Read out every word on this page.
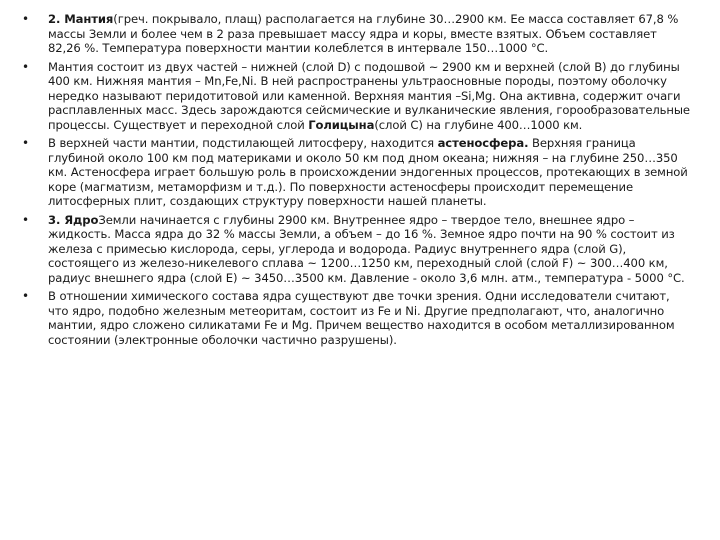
• 2. Мантия(греч. покрывало, плащ) располагается на глубине 30…2900 км. Ее масса составляет 67,8 % массы Земли и более чем в 2 раза превышает массу ядра и коры, вместе взятых. Объем составляет 82,26 %. Температура поверхности мантии колеблется в интервале 150…1000 °С.
• Мантия состоит из двух частей – нижней (слой D) с подошвой ~ 2900 км и верхней (слой В) до глубины 400 км. Нижняя мантия – Mn,Fe,Ni. В ней распространены ультраосновные породы, поэтому оболочку нередко называют перидотитовой или каменной. Верхняя мантия –Si,Mg. Она активна, содержит очаги расплавленных масс. Здесь зарождаются сейсмические и вулканические явления, горообразовательные процессы. Существует и переходной слой Голицына(слой С) на глубине 400…1000 км.
• В верхней части мантии, подстилающей литосферу, находится астеносфера. Верхняя граница глубиной около 100 км под материками и около 50 км под дном океана; нижняя – на глубине 250…350 км. Астеносфера играет большую роль в происхождении эндогенных процессов, протекающих в земной коре (магматизм, метаморфизм и т.д.). По поверхности астеносферы происходит перемещение литосферных плит, создающих структуру поверхности нашей планеты.
• 3. ЯдроЗемли начинается с глубины 2900 км. Внутреннее ядро – твердое тело, внешнее ядро – жидкость. Масса ядра до 32 % массы Земли, а объем – до 16 %. Земное ядро почти на 90 % состоит из железа с примесью кислорода, серы, углерода и водорода. Радиус внутреннего ядра (слой G), состоящего из железо-никелевого сплава ~ 1200…1250 км, переходный слой (слой F) ~ 300…400 км, радиус внешнего ядра (слой E) ~ 3450…3500 км. Давление - около 3,6 млн. атм., температура - 5000 °С.
• В отношении химического состава ядра существуют две точки зрения. Одни исследователи считают, что ядро, подобно железным метеоритам, состоит из Fe и Ni. Другие предполагают, что, аналогично мантии, ядро сложено силикатами Fe и Mg. Причем вещество находится в особом металлизированном состоянии (электронные оболочки частично разрушены).
